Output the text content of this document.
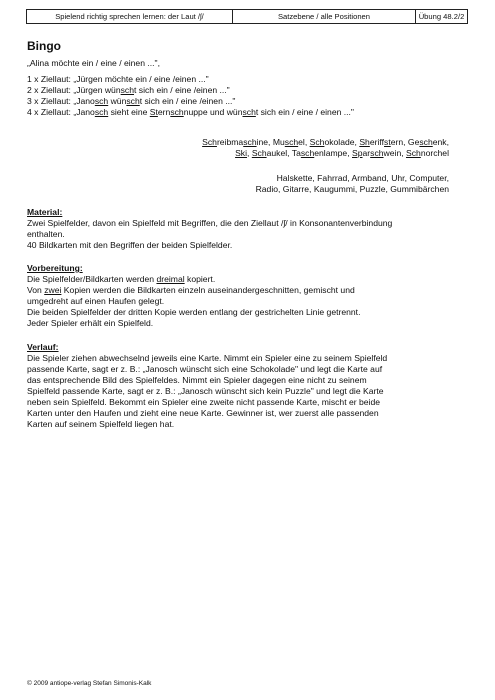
Spielend richtig sprechen lernen: der Laut /ʃ/	Satzebene / alle Positionen	Übung 48.2/2
Bingo
„Alina möchte ein / eine / einen ...",
1 x Ziellaut: „Jürgen möchte ein / eine /einen ..."
2 x Ziellaut: „Jürgen wünscht sich ein / eine /einen ..."
3 x Ziellaut: „Janosch wünscht sich ein / eine /einen ..."
4 x Ziellaut: „Janosch sieht eine Sternschnuppe und wünscht sich ein / eine / einen ..."
Schreibmaschine, Muschel, Schokolade, Sheriffstern, Geschenk,
Ski, Schaukel, Taschenlampe, Sparschwein, Schnorchel
Halskette, Fahrrad, Armband, Uhr, Computer,
Radio, Gitarre, Kaugummi, Puzzle, Gummibärchen
Material:
Zwei Spielfelder, davon ein Spielfeld mit Begriffen, die den Ziellaut /ʃ/ in Konsonantenverbindung
enthalten.
40 Bildkarten mit den Begriffen der beiden Spielfelder.
Vorbereitung:
Die Spielfelder/Bildkarten werden dreimal kopiert.
Von zwei Kopien werden die Bildkarten einzeln auseinandergeschnitten, gemischt und
umgedreht auf einen Haufen gelegt.
Die beiden Spielfelder der dritten Kopie werden entlang der gestrichelten Linie getrennt.
Jeder Spieler erhält ein Spielfeld.
Verlauf:
Die Spieler ziehen abwechselnd jeweils eine Karte. Nimmt ein Spieler eine zu seinem Spielfeld
passende Karte, sagt er z. B.: „Janosch wünscht sich eine Schokolade" und legt die Karte auf
das entsprechende Bild des Spielfeldes. Nimmt ein Spieler dagegen eine nicht zu seinem
Spielfeld passende Karte, sagt er z. B.: „Janosch wünscht sich kein Puzzle" und legt die Karte
neben sein Spielfeld. Bekommt ein Spieler eine zweite nicht passende Karte, mischt er beide
Karten unter den Haufen und zieht eine neue Karte. Gewinner ist, wer zuerst alle passenden
Karten auf seinem Spielfeld liegen hat.
© 2009 antiope-verlag Stefan Simonis-Kalk
